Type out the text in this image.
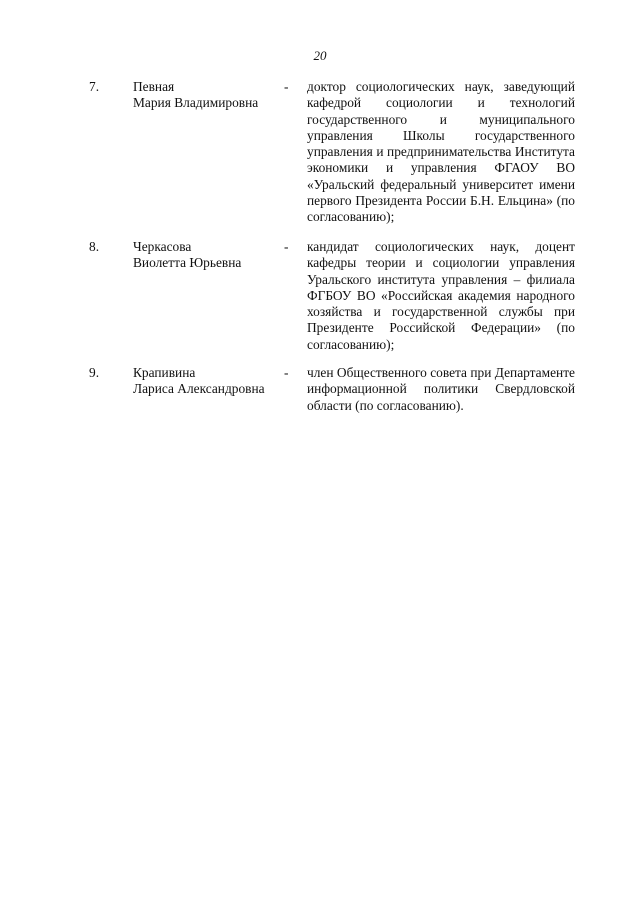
20
7.	Певная
Мария Владимировна
- доктор социологических наук, заведующий кафедрой социологии и технологий государственного и муниципального управления Школы государственного управления и предпринимательства Института экономики и управления ФГАОУ ВО «Уральский федеральный университет имени первого Президента России Б.Н. Ельцина» (по согласованию);
8.	Черкасова
Виолетта Юрьевна
- кандидат социологических наук, доцент кафедры теории и социологии управления Уральского института управления – филиала ФГБОУ ВО «Российская академия народного хозяйства и государственной службы при Президенте Российской Федерации» (по согласованию);
9.	Крапивина
Лариса Александровна
- член Общественного совета при Департаменте информационной политики Свердловской области (по согласованию).
